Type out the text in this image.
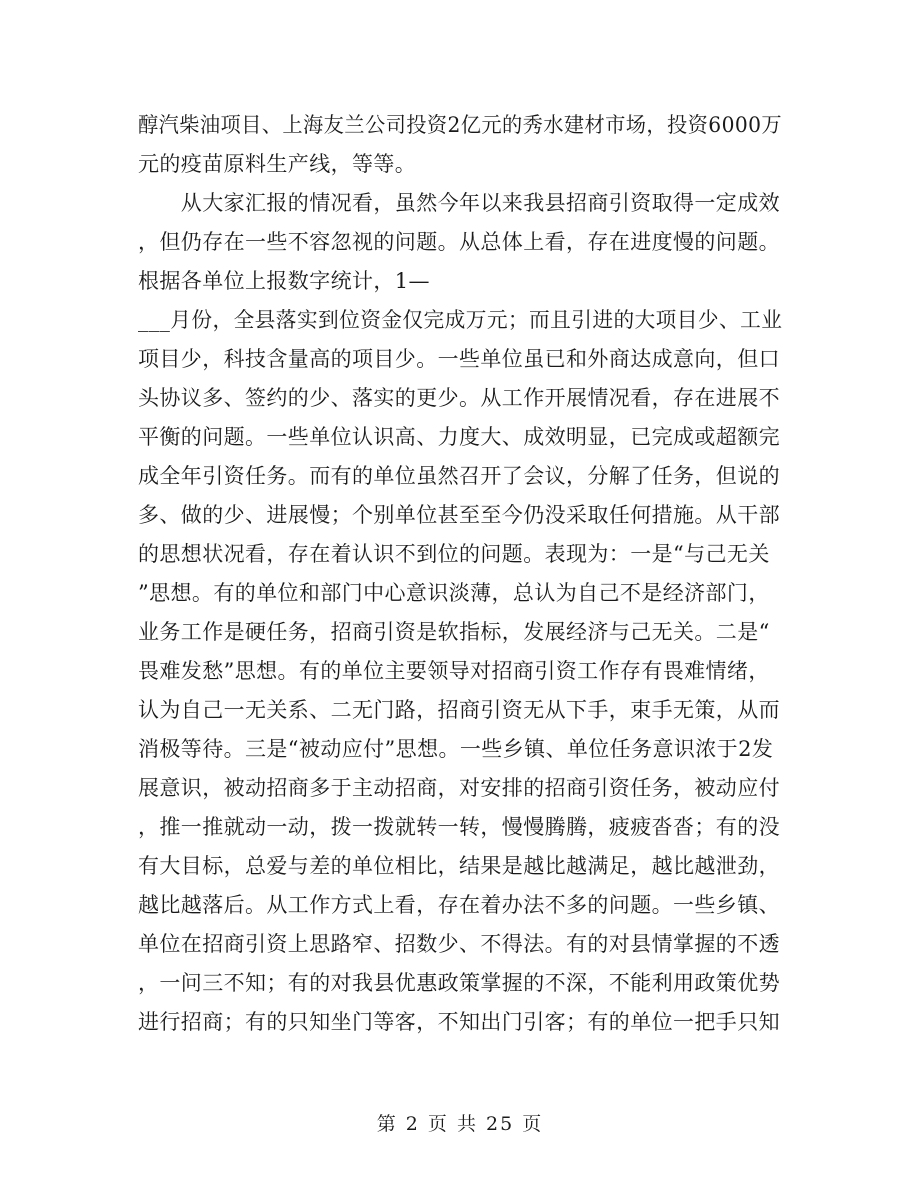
醇汽柴油项目、上海友兰公司投资2亿元的秀水建材市场，投资6000万
元的疫苗原料生产线，等等。
　　从大家汇报的情况看，虽然今年以来我县招商引资取得一定成效
，但仍存在一些不容忽视的问题。从总体上看，存在进度慢的问题。
根据各单位上报数字统计，1—
___月份，全县落实到位资金仅完成万元；而且引进的大项目少、工业
项目少，科技含量高的项目少。一些单位虽已和外商达成意向，但口
头协议多、签约的少、落实的更少。从工作开展情况看，存在进展不
平衡的问题。一些单位认识高、力度大、成效明显，已完成或超额完
成全年引资任务。而有的单位虽然召开了会议，分解了任务，但说的
多、做的少、进展慢；个别单位甚至至今仍没采取任何措施。从干部
的思想状况看，存在着认识不到位的问题。表现为：一是“与己无关
”思想。有的单位和部门中心意识淡薄，总认为自己不是经济部门，
业务工作是硬任务，招商引资是软指标，发展经济与己无关。二是“
畏难发愁”思想。有的单位主要领导对招商引资工作存有畏难情绪，
认为自己一无关系、二无门路，招商引资无从下手，束手无策，从而
消极等待。三是“被动应付”思想。一些乡镇、单位任务意识浓于2发
展意识，被动招商多于主动招商，对安排的招商引资任务，被动应付
，推一推就动一动，拨一拨就转一转，慢慢腾腾，疲疲沓沓；有的没
有大目标，总爱与差的单位相比，结果是越比越满足，越比越泄劲，
越比越落后。从工作方式上看，存在着办法不多的问题。一些乡镇、
单位在招商引资上思路窄、招数少、不得法。有的对县情掌握的不透
，一问三不知；有的对我县优惠政策掌握的不深，不能利用政策优势
进行招商；有的只知坐门等客，不知出门引客；有的单位一把手只知
第 2 页 共 25 页
